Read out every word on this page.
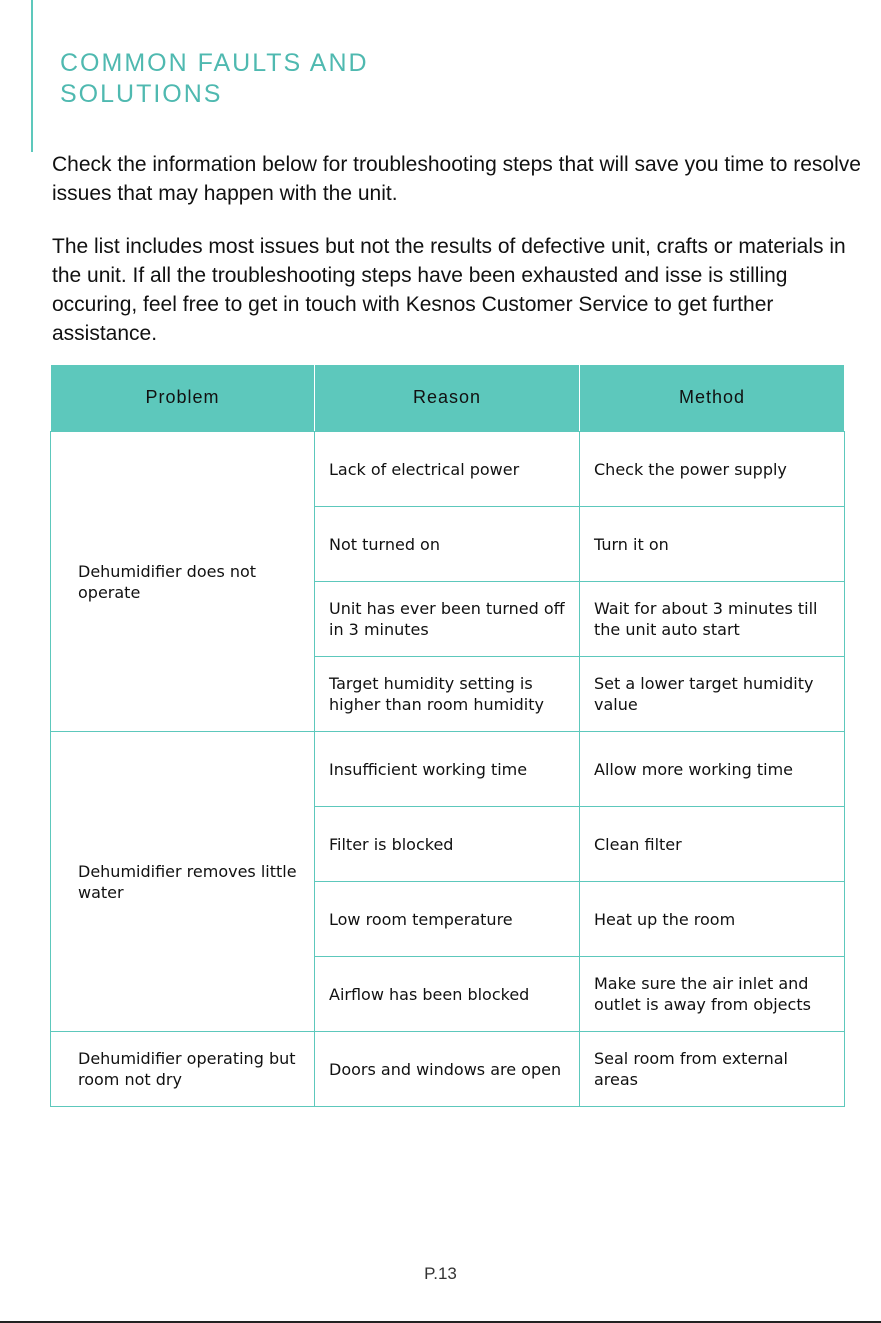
COMMON FAULTS AND
SOLUTIONS

Check the information below for troubleshooting steps that will save you time to resolve issues that may happen with the unit.

The list includes most issues but not the results of defective unit, crafts or materials in the unit. If all the troubleshooting steps have been exhausted and isse is stilling occuring, feel free to get in touch with Kesnos Customer Service to get further assistance.

Problem	Reason	Method

Dehumidifier does not operate	Lack of electrical power	Check the power supply
	Not turned on	Turn it on
	Unit has ever been turned off in 3 minutes	Wait for about 3 minutes till the unit auto start
	Target humidity setting is higher than room humidity	Set a lower target humidity value
Dehumidifier removes little water	Insufficient working time	Allow more working time
	Filter is blocked	Clean filter
	Low room temperature	Heat up the room
	Airflow has been blocked	Make sure the air inlet and outlet is away from objects
Dehumidifier operating but room not dry	Doors and windows are open	Seal room from external areas
P.13
